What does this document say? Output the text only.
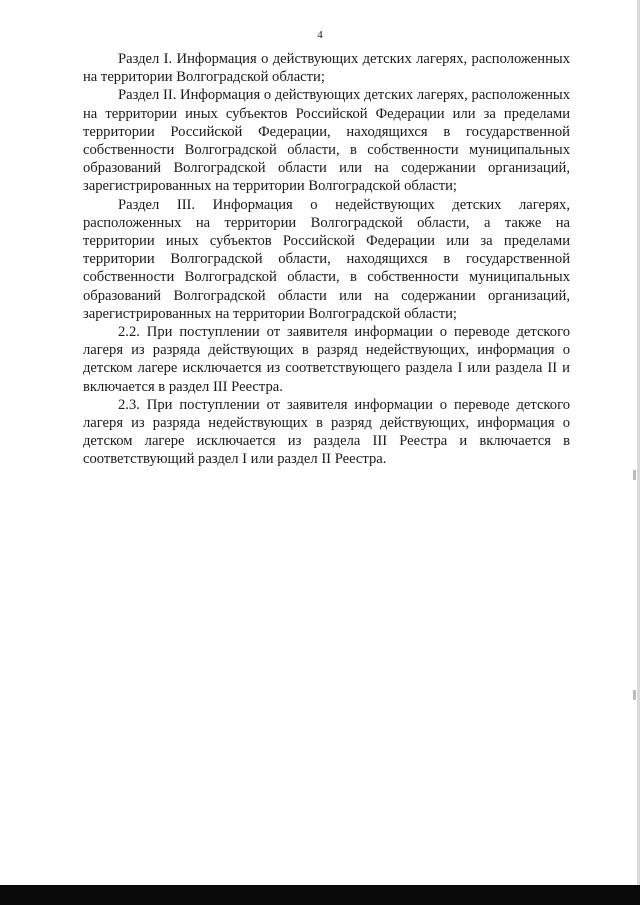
4

Раздел I. Информация о действующих детских лагерях, расположенных на территории Волгоградской области;

Раздел II. Информация о действующих детских лагерях, расположенных на территории иных субъектов Российской Федерации или за пределами территории Российской Федерации, находящихся в государственной собственности Волгоградской области, в собственности муниципальных образований Волгоградской области или на содержании организаций, зарегистрированных на территории Волгоградской области;

Раздел III. Информация о недействующих детских лагерях, расположенных на территории Волгоградской области, а также на территории иных субъектов Российской Федерации или за пределами территории Волгоградской области, находящихся в государственной собственности Волгоградской области, в собственности муниципальных образований Волгоградской области или на содержании организаций, зарегистрированных на территории Волгоградской области;

2.2. При поступлении от заявителя информации о переводе детского лагеря из разряда действующих в разряд недействующих, информация о детском лагере исключается из соответствующего раздела I или раздела II и включается в раздел III Реестра.

2.3. При поступлении от заявителя информации о переводе детского лагеря из разряда недействующих в разряд действующих, информация о детском лагере исключается из раздела III Реестра и включается в соответствующий раздел I или раздел II Реестра.
